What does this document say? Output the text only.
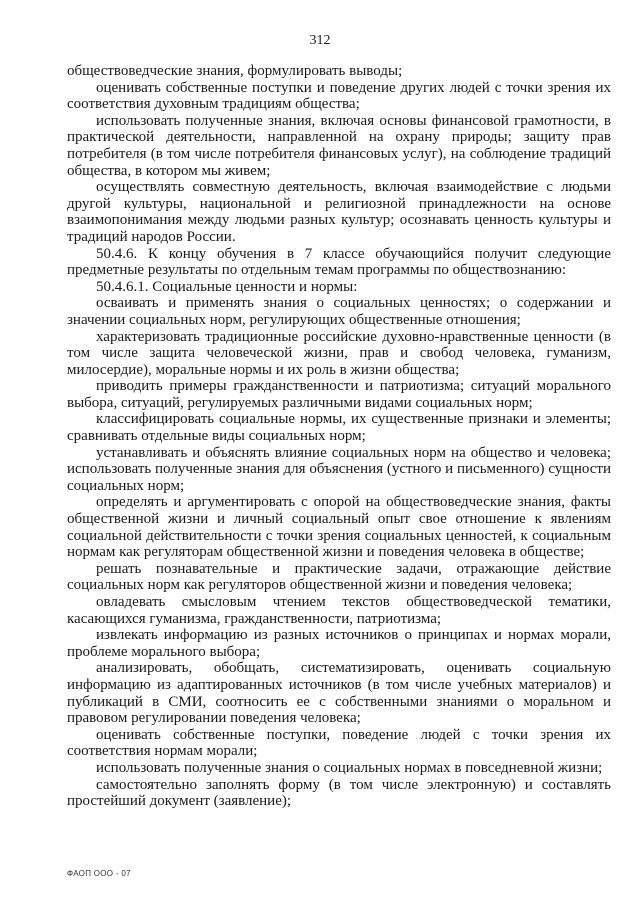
312

обществоведческие знания, формулировать выводы;

оценивать собственные поступки и поведение других людей с точки зрения их соответствия духовным традициям общества;

использовать полученные знания, включая основы финансовой грамотности, в практической деятельности, направленной на охрану природы; защиту прав потребителя (в том числе потребителя финансовых услуг), на соблюдение традиций общества, в котором мы живем;

осуществлять совместную деятельность, включая взаимодействие с людьми другой культуры, национальной и религиозной принадлежности на основе взаимопонимания между людьми разных культур; осознавать ценность культуры и традиций народов России.

50.4.6. К концу обучения в 7 классе обучающийся получит следующие предметные результаты по отдельным темам программы по обществознанию:

50.4.6.1. Социальные ценности и нормы:

осваивать и применять знания о социальных ценностях; о содержании и значении социальных норм, регулирующих общественные отношения;

характеризовать традиционные российские духовно-нравственные ценности (в том числе защита человеческой жизни, прав и свобод человека, гуманизм, милосердие), моральные нормы и их роль в жизни общества;

приводить примеры гражданственности и патриотизма; ситуаций морального выбора, ситуаций, регулируемых различными видами социальных норм;

классифицировать социальные нормы, их существенные признаки и элементы; сравнивать отдельные виды социальных норм;

устанавливать и объяснять влияние социальных норм на общество и человека; использовать полученные знания для объяснения (устного и письменного) сущности социальных норм;

определять и аргументировать с опорой на обществоведческие знания, факты общественной жизни и личный социальный опыт свое отношение к явлениям социальной действительности с точки зрения социальных ценностей, к социальным нормам как регуляторам общественной жизни и поведения человека в обществе;

решать познавательные и практические задачи, отражающие действие социальных норм как регуляторов общественной жизни и поведения человека;

овладевать смысловым чтением текстов обществоведческой тематики, касающихся гуманизма, гражданственности, патриотизма;

извлекать информацию из разных источников о принципах и нормах морали, проблеме морального выбора;

анализировать, обобщать, систематизировать, оценивать социальную информацию из адаптированных источников (в том числе учебных материалов) и публикаций в СМИ, соотносить ее с собственными знаниями о моральном и правовом регулировании поведения человека;

оценивать собственные поступки, поведение людей с точки зрения их соответствия нормам морали;

использовать полученные знания о социальных нормах в повседневной жизни;

самостоятельно заполнять форму (в том числе электронную) и составлять простейший документ (заявление);

ФАОП ООО - 07
